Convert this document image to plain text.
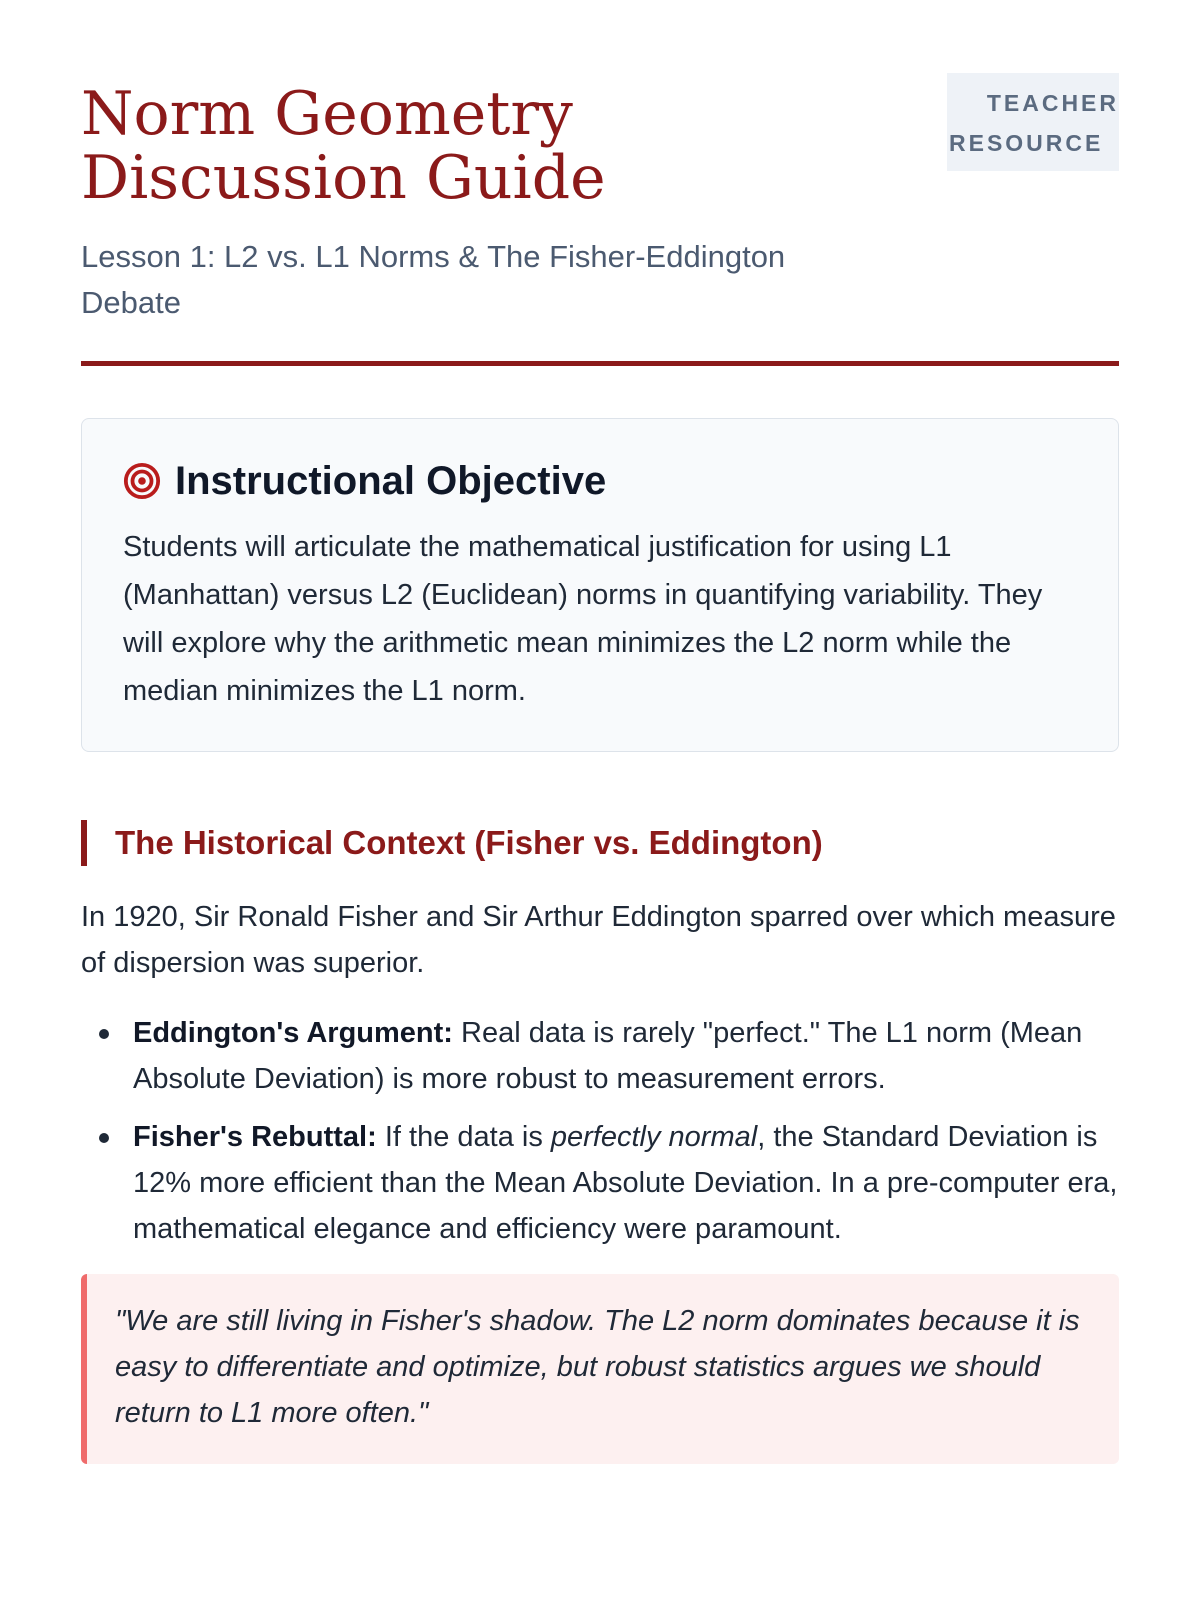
Norm Geometry Discussion Guide
Lesson 1: L2 vs. L1 Norms & The Fisher-Eddington Debate
TEACHER
RESOURCE
Instructional Objective

Students will articulate the mathematical justification for using L1 (Manhattan) versus L2 (Euclidean) norms in quantifying variability. They will explore why the arithmetic mean minimizes the L2 norm while the median minimizes the L1 norm.

The Historical Context (Fisher vs. Eddington)

In 1920, Sir Ronald Fisher and Sir Arthur Eddington sparred over which measure of dispersion was superior.

Eddington's Argument: Real data is rarely "perfect." The L1 norm (Mean Absolute Deviation) is more robust to measurement errors.
Fisher's Rebuttal: If the data is perfectly normal, the Standard Deviation is 12% more efficient than the Mean Absolute Deviation. In a pre-computer era, mathematical elegance and efficiency were paramount.
"We are still living in Fisher's shadow. The L2 norm dominates because it is easy to differentiate and optimize, but robust statistics argues we should return to L1 more often."
